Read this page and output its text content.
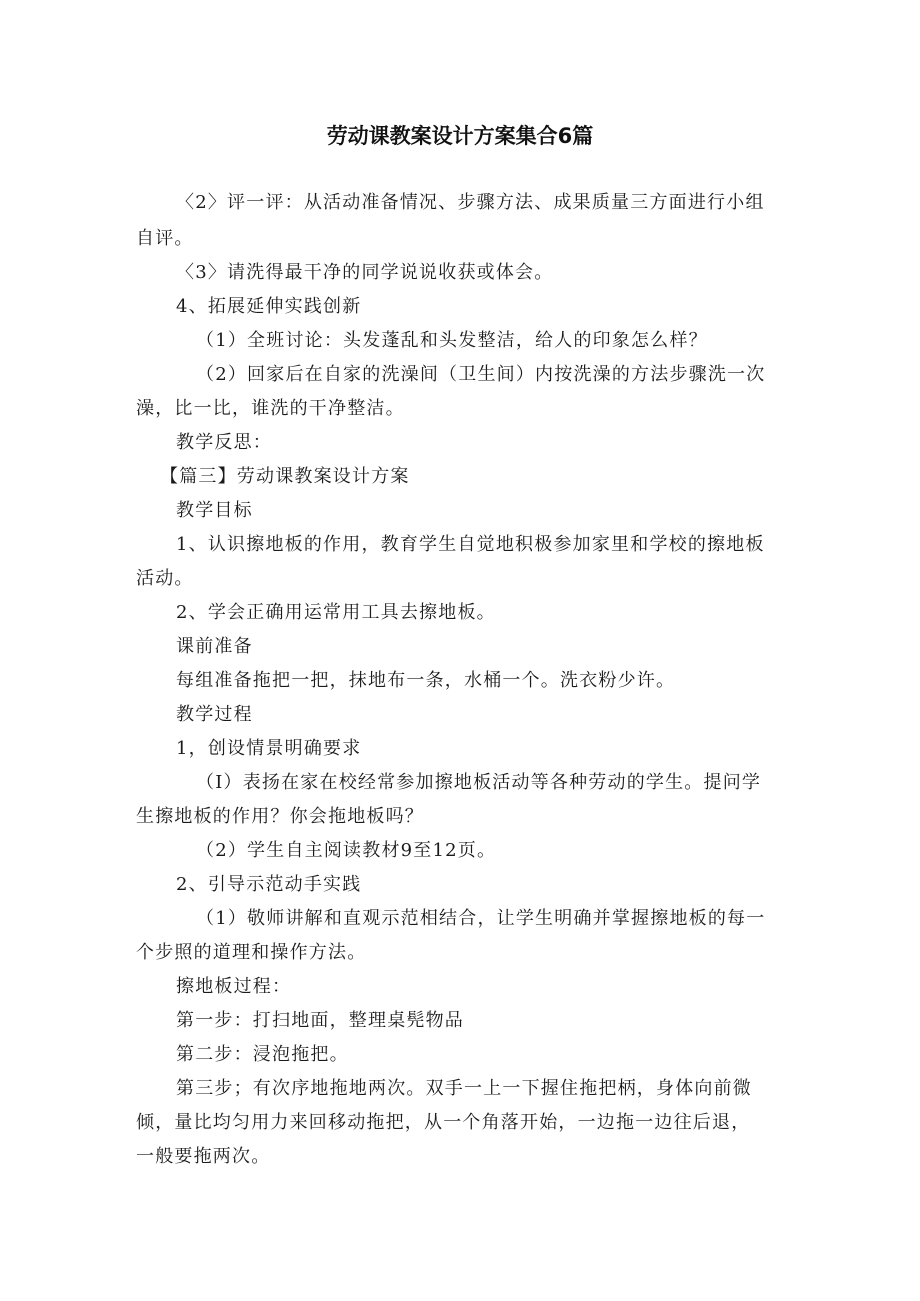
劳动课教案设计方案集合6篇
〈2〉评一评：从活动准备情况、步骤方法、成果质量三方面进行小组
自评。
〈3〉请洗得最干净的同学说说收获或体会。
4、拓展延伸实践创新
（1）全班讨论：头发蓬乱和头发整洁，给人的印象怎么样？
（2）回家后在自家的洗澡间（卫生间）内按洗澡的方法步骤洗一次
澡，比一比，谁洗的干净整洁。
教学反思：
【篇三】劳动课教案设计方案
教学目标
1、认识擦地板的作用，教育学生自觉地积极参加家里和学校的擦地板
活动。
2、学会正确用运常用工具去擦地板。
课前准备
每组准备拖把一把，抹地布一条，水桶一个。洗衣粉少许。
教学过程
1，创设情景明确要求
（I）表扬在家在校经常参加擦地板活动等各种劳动的学生。提问学
生擦地板的作用？你会拖地板吗？
（2）学生自主阅读教材9至12页。
2、引导示范动手实践
（1）敬师讲解和直观示范相结合，让学生明确并掌握擦地板的每一
个步照的道理和操作方法。
擦地板过程：
第一步：打扫地面，整理桌髡物品
第二步：浸泡拖把。
第三步；有次序地拖地两次。双手一上一下握住拖把柄，身体向前微
倾，量比均匀用力来回移动拖把，从一个角落开始，一边拖一边往后退，
一般要拖两次。
